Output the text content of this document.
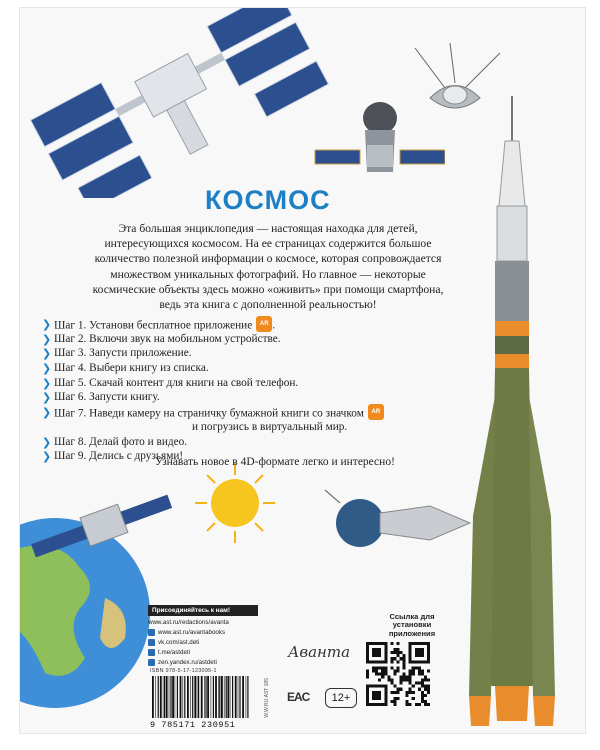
КОСМОС
Эта большая энциклопедия — настоящая находка для детей, интересующихся космосом. На ее страницах содержится большое количество полезной информации о космосе, которая сопровождается множеством уникальных фотографий. Но главное — некоторые космические объекты здесь можно «оживить» при помощи смартфона, ведь эта книга с дополненной реальностью!
❯ Шаг 1. Установи бесплатное приложение AR .
❯ Шаг 2. Включи звук на мобильном устройстве.
❯ Шаг 3. Запусти приложение.
❯ Шаг 4. Выбери книгу из списка.
❯ Шаг 5. Скачай контент для книги на свой телефон.
❯ Шаг 6. Запусти книгу.
❯ Шаг 7. Наведи камеру на страничку бумажной книги со значком AR
и погрузись в виртуальный мир.
❯ Шаг 8. Делай фото и видео.
❯ Шаг 9. Делись с друзьями!
Узнавать новое в 4D-формате легко и интересно!
Присоединяйтесь к нам!
www.ast.ru/redactions/avanta
www.ast.ru/avantabooks
vk.com/ast.deti
t.me/astdeti
zen.yandex.ru/astdeti
ISBN 978-5-17-123095-1
9 785171 230951
W.W.RU.AST 185
Аванта
EAC	12+
Ссылка для установки приложения
